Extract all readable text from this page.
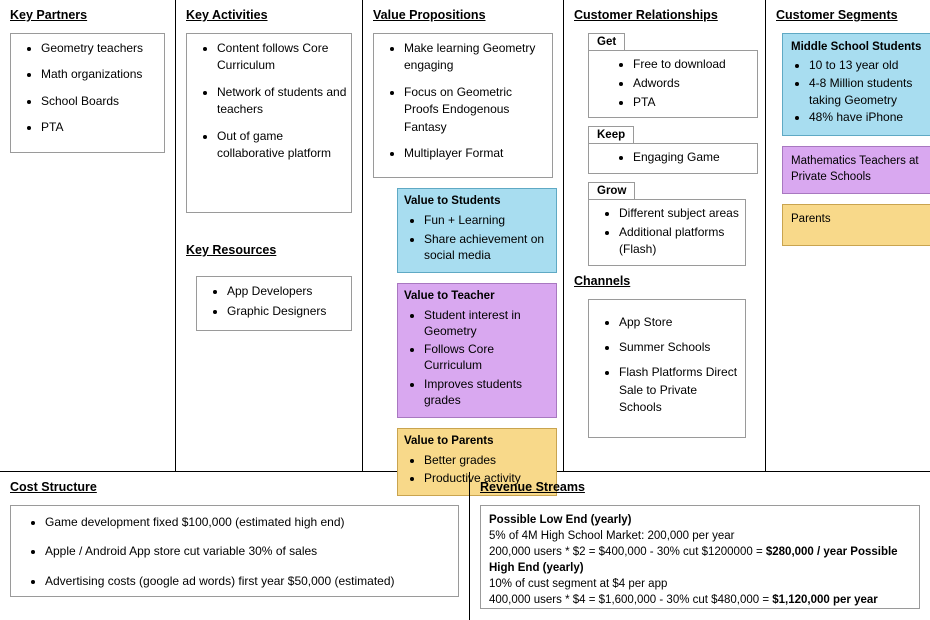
Key Partners
• Geometry teachers
• Math organizations
• School Boards
• PTA
Key Activities
• Content follows Core Curriculum
• Network of students and teachers
• Out of game collaborative platform
Key Resources
• App Developers
• Graphic Designers
Value Propositions
• Make learning Geometry engaging
• Focus on Geometric Proofs Endogenous Fantasy
• Multiplayer Format
Value to Students
• Fun + Learning
• Share achievement on social media
Value to Teacher
• Student interest in Geometry
• Follows Core Curriculum
• Improves students grades
Value to Parents
• Better grades
• Productive activity
Customer Relationships
Get
• Free to download
• Adwords
• PTA
Keep
• Engaging Game
Grow
• Different subject areas
• Additional platforms (Flash)
Channels
• App Store
• Summer Schools
• Flash Platforms Direct Sale to Private Schools
Customer Segments
Middle School Students
• 10 to 13 year old
• 4-8 Million students taking Geometry
• 48% have iPhone
Mathematics Teachers at Private Schools
Parents
Cost Structure
• Game development fixed $100,000 (estimated high end)
• Apple / Android App store cut variable 30% of sales
• Advertising costs (google ad words) first year $50,000 (estimated)
Revenue Streams
Possible Low End (yearly)
5% of 4M High School Market: 200,000 per year
200,000 users * $2 = $400,000 - 30% cut $1200000 = $280,000 / year Possible High End (yearly)
10% of cust segment at $4 per app
400,000 users * $4 = $1,600,000 - 30% cut $480,000 = $1,120,000 per year
